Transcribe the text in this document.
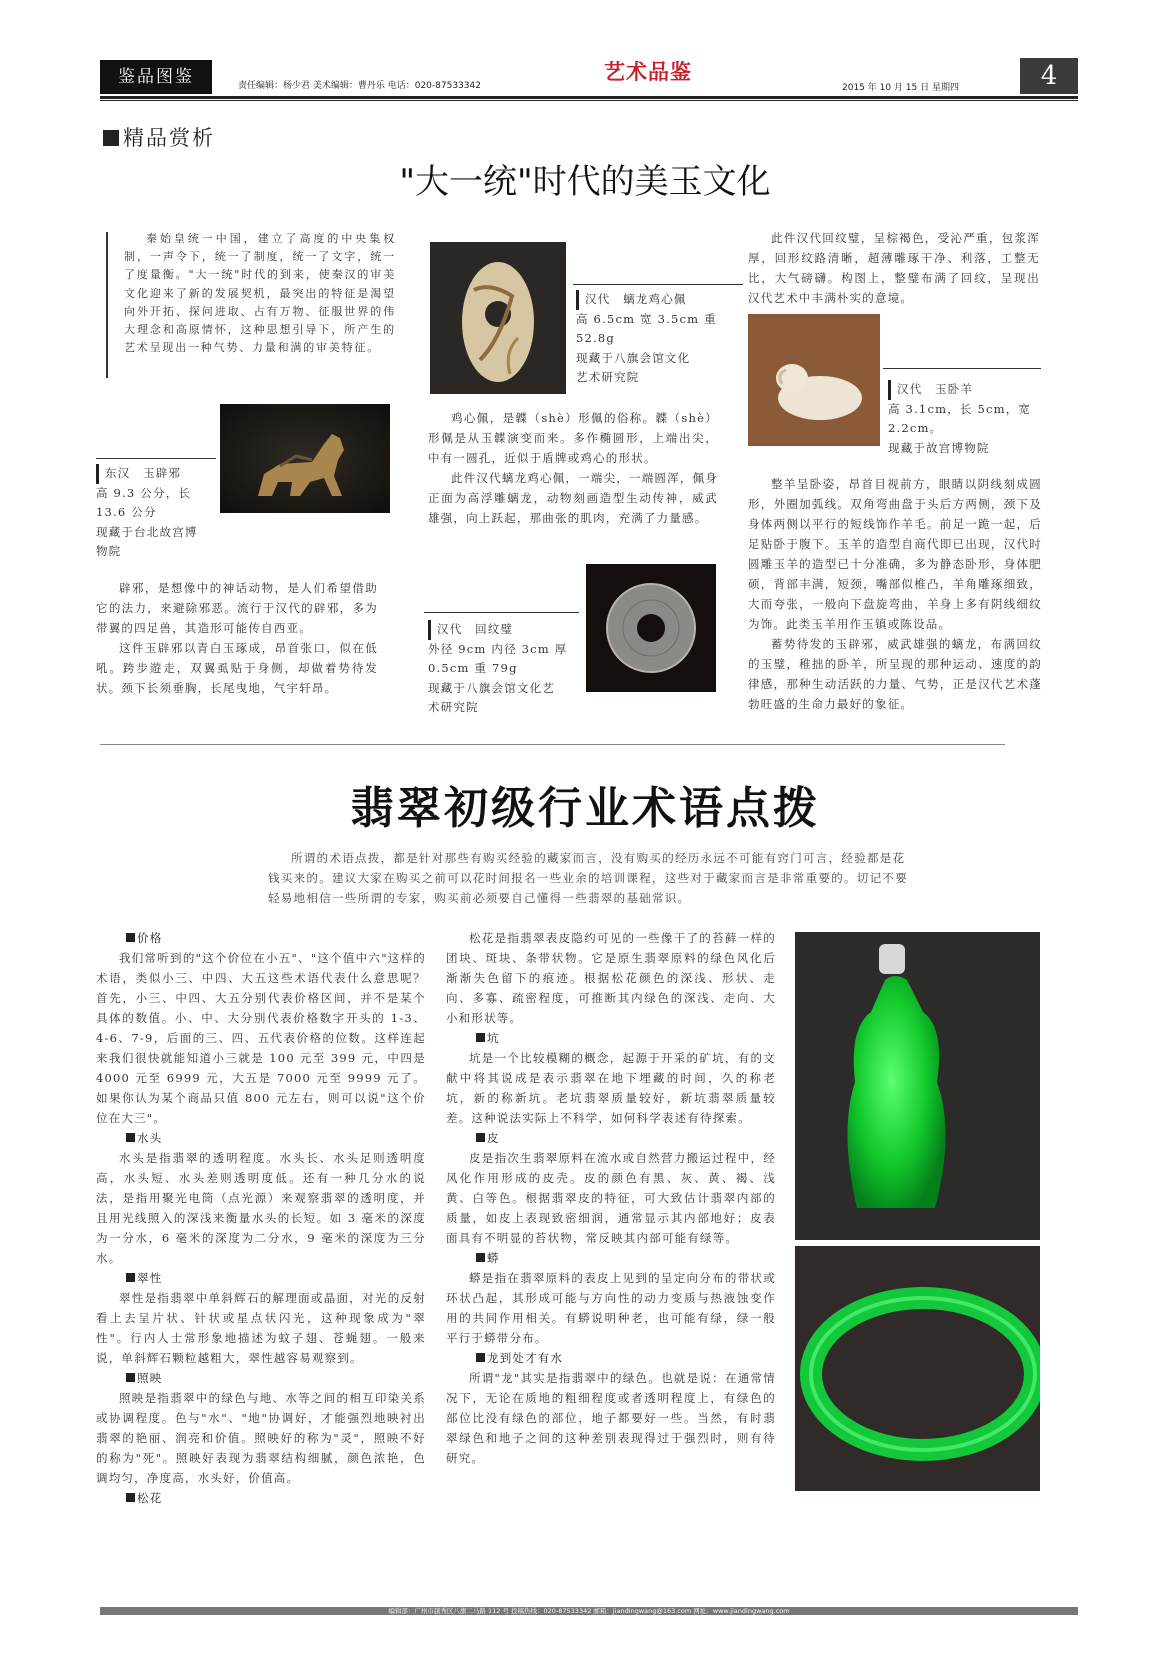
鉴品图鉴	责任编辑：杨少君 美术编辑：曹丹乐 电话：020-87533342
艺术品鉴
2015 年 10 月 15 日 星期四	4
精品赏析
"大一统"时代的美玉文化

秦始皇统一中国，建立了高度的中央集权制，一声令下，统一了制度，统一了文字，统一了度量衡。"大一统"时代的到来，使秦汉的审美文化迎来了新的发展契机，最突出的特征是渴望向外开拓、探问进取、占有万物、征服世界的伟大理念和高原情怀，这种思想引导下，所产生的艺术呈现出一种气势、力量和满的审美特征。

东汉　玉辟邪
高 9.3 公分，长
13.6 公分
现藏于台北故宫博
物院

辟邪，是想像中的神话动物，是人们希望借助它的法力，来避除邪恶。流行于汉代的辟邪，多为带翼的四足兽，其造形可能传自西亚。

这件玉辟邪以青白玉琢成，昂首张口，似在低吼。跨步遊走，双翼虱贴于身侧，却做着势待发状。颈下长须垂胸，长尾曳地，气宇轩昂。

汉代　螭龙鸡心佩
高 6.5cm 宽 3.5cm 重
52.8g
现藏于八旗会馆文化
艺术研究院

鸡心佩，是韘（shè）形佩的俗称。韘（shè）形佩是从玉韘演变而来。多作椭圆形，上端出尖，中有一圆孔，近似于盾牌或鸡心的形状。

此件汉代螭龙鸡心佩，一端尖，一端圆浑，佩身正面为高浮雕螭龙，动物刻画造型生动传神，威武雄强，向上跃起，那曲张的肌肉，充满了力量感。

汉代　回纹璧
外径 9cm 内径 3cm 厚
0.5cm 重 79g
现藏于八旗会馆文化艺
术研究院

此件汉代回纹璧，呈棕褐色，受沁严重，包浆浑厚，回形纹路清晰，超薄雕琢干净、利落，工整无比，大气磅礴。构图上，整璧布满了回纹，呈现出汉代艺术中丰满朴实的意境。

汉代　玉卧羊
高 3.1cm，长 5cm，宽
2.2cm。
现藏于故宫博物院

整羊呈卧姿，昂首目视前方，眼睛以阴线刻成圆形，外圈加弧线。双角弯曲盘于头后方两侧，颈下及身体两侧以平行的短线饰作羊毛。前足一跪一起，后足贴卧于腹下。玉羊的造型自商代即已出现，汉代时圆雕玉羊的造型已十分准确，多为静态卧形，身体肥硕，背部丰满，短颈，嘴部似椎凸，羊角雕琢细致，大而夸张，一般向下盘旋弯曲，羊身上多有阴线细纹为饰。此类玉羊用作玉镇或陈设品。

蓄势待发的玉辟邪，威武雄强的螭龙，布满回纹的玉璧，稚拙的卧羊，所呈现的那种运动、速度的韵律感，那种生动活跃的力量、气势，正是汉代艺术蓬勃旺盛的生命力最好的象征。

翡翠初级行业术语点拨
所谓的术语点拨，都是针对那些有购买经验的藏家而言，没有购买的经历永远不可能有窍门可言，经验都是花钱买来的。建议大家在购买之前可以花时间报名一些业余的培训课程，这些对于藏家而言是非常重要的。切记不要轻易地相信一些所谓的专家，购买前必须要自己懂得一些翡翠的基础常识。
价格

我们常听到的"这个价位在小五"、"这个值中六"这样的术语，类似小三、中四、大五这些术语代表什么意思呢？首先，小三、中四、大五分别代表价格区间，并不是某个具体的数值。小、中、大分别代表价格数字开头的 1-3、4-6、7-9，后面的三、四、五代表价格的位数。这样连起来我们很快就能知道小三就是 100 元至 399 元，中四是 4000 元至 6999 元，大五是 7000 元至 9999 元了。如果你认为某个商品只值 800 元左右，则可以说"这个价位在大三"。

水头

水头是指翡翠的透明程度。水头长、水头足则透明度高，水头短、水头差则透明度低。还有一种几分水的说法，是指用聚光电筒（点光源）来观察翡翠的透明度，并且用光线照入的深浅来衡量水头的长短。如 3 毫米的深度为一分水，6 毫米的深度为二分水，9 毫米的深度为三分水。

翠性

翠性是指翡翠中单斜辉石的解理面或晶面，对光的反射看上去呈片状、针状或星点状闪光，这种现象成为"翠性"。行内人士常形象地描述为蚊子翅、苍蝇翅。一般来说，单斜辉石颗粒越粗大，翠性越容易观察到。

照映

照映是指翡翠中的绿色与地、水等之间的相互印染关系或协调程度。色与"水"、"地"协调好，才能强烈地映衬出翡翠的艳丽、润亮和价值。照映好的称为"灵"，照映不好的称为"死"。照映好表现为翡翠结构细腻，颜色浓艳，色调均匀，净度高，水头好，价值高。

松花

松花是指翡翠表皮隐约可见的一些像干了的苔藓一样的团块、斑块、条带状物。它是原生翡翠原料的绿色风化后渐渐失色留下的痕迹。根据松花颜色的深浅、形状、走向、多寡、疏密程度，可推断其内绿色的深浅、走向、大小和形状等。

坑

坑是一个比较模糊的概念，起源于开采的矿坑，有的文献中将其说成是表示翡翠在地下埋藏的时间，久的称老坑，新的称新坑。老坑翡翠质量较好，新坑翡翠质量较差。这种说法实际上不科学，如何科学表述有待探索。

皮

皮是指次生翡翠原料在流水或自然营力搬运过程中，经风化作用形成的皮壳。皮的颜色有黑、灰、黄、褐、浅黄、白等色。根据翡翠皮的特征，可大致估计翡翠内部的质量，如皮上表现致密细润，通常显示其内部地好；皮表面具有不明显的苔状物，常反映其内部可能有绿等。

蟒

蟒是指在翡翠原料的表皮上见到的呈定向分布的带状或环状凸起，其形成可能与方向性的动力变质与热液蚀变作用的共同作用相关。有蟒说明种老，也可能有绿，绿一般平行于蟒带分布。

龙到处才有水

所谓"龙"其实是指翡翠中的绿色。也就是说：在通常情况下，无论在质地的粗细程度或者透明程度上，有绿色的部位比没有绿色的部位，地子都要好一些。当然，有时翡翠绿色和地子之间的这种差别表现得过于强烈时，则有待研究。

编辑部：广州市越秀区八旗二马路 112 号 投稿热线：020-87533342 邮箱：jiandingwang@163.com 网址：www.jiandingwang.com
